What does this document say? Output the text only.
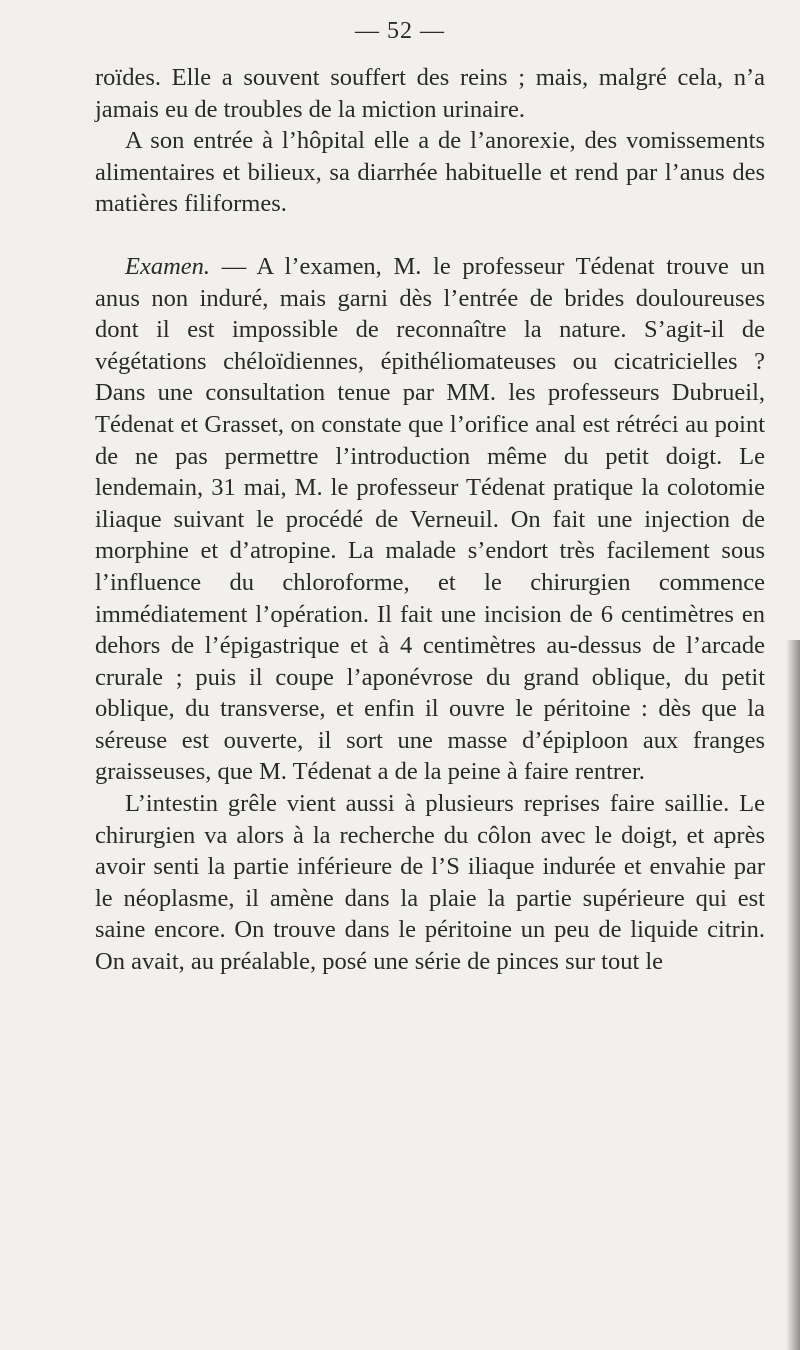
— 52 —

roïdes. Elle a souvent souffert des reins ; mais, malgré cela, n’a jamais eu de troubles de la miction urinaire.

A son entrée à l’hôpital elle a de l’anorexie, des vomissements alimentaires et bilieux, sa diarrhée habituelle et rend par l’anus des matières filiformes.

Examen. — A l’examen, M. le professeur Tédenat trouve un anus non induré, mais garni dès l’entrée de brides douloureuses dont il est impossible de reconnaître la nature. S’agit-il de végétations chéloïdiennes, épithéliomateuses ou cicatricielles ? Dans une consultation tenue par MM. les professeurs Dubrueil, Tédenat et Grasset, on constate que l’orifice anal est rétréci au point de ne pas permettre l’introduction même du petit doigt. Le lendemain, 31 mai, M. le professeur Tédenat pratique la colotomie iliaque suivant le procédé de Verneuil. On fait une injection de morphine et d’atropine. La malade s’endort très facilement sous l’influence du chloroforme, et le chirurgien commence immédiatement l’opération. Il fait une incision de 6 centimètres en dehors de l’épigastrique et à 4 centimètres au-dessus de l’arcade crurale ; puis il coupe l’aponévrose du grand oblique, du petit oblique, du transverse, et enfin il ouvre le péritoine : dès que la séreuse est ouverte, il sort une masse d’épiploon aux franges graisseuses, que M. Tédenat a de la peine à faire rentrer.

L’intestin grêle vient aussi à plusieurs reprises faire saillie. Le chirurgien va alors à la recherche du côlon avec le doigt, et après avoir senti la partie inférieure de l’S iliaque indurée et envahie par le néoplasme, il amène dans la plaie la partie supérieure qui est saine encore. On trouve dans le péritoine un peu de liquide citrin. On avait, au préalable, posé une série de pinces sur tout le
